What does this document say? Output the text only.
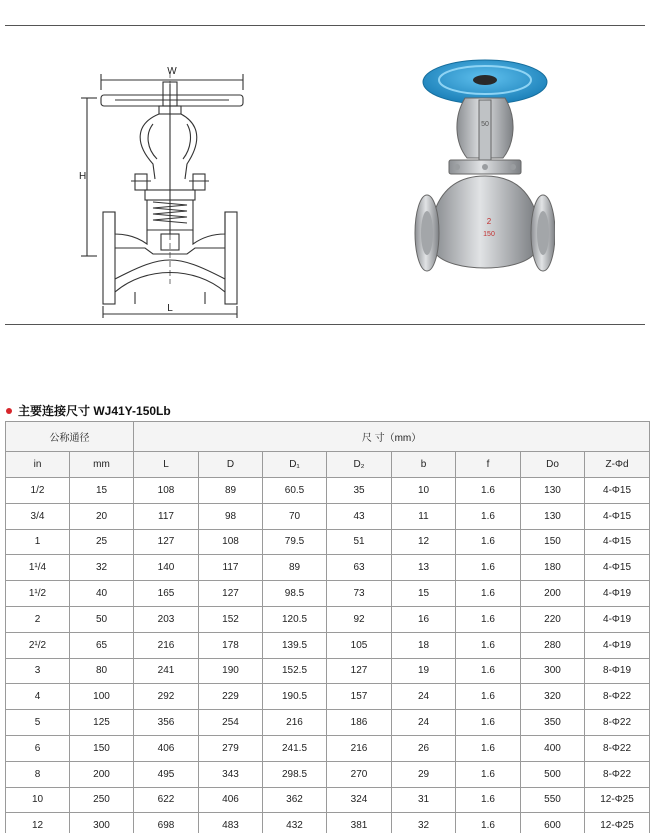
W
H
L
50
2
150
主要连接尺寸 WJ41Y-150Lb
公称通径		尺 寸（mm）							
in	mm	L	D	D₁	D₂	b	f	Do	Z-Φd
1/2	15	108	89	60.5	35	10	1.6	130	4-Φ15
3/4	20	117	98	70	43	11	1.6	130	4-Φ15
1	25	127	108	79.5	51	12	1.6	150	4-Φ15
1¹/4	32	140	117	89	63	13	1.6	180	4-Φ15
1¹/2	40	165	127	98.5	73	15	1.6	200	4-Φ19
2	50	203	152	120.5	92	16	1.6	220	4-Φ19
2¹/2	65	216	178	139.5	105	18	1.6	280	4-Φ19
3	80	241	190	152.5	127	19	1.6	300	8-Φ19
4	100	292	229	190.5	157	24	1.6	320	8-Φ22
5	125	356	254	216	186	24	1.6	350	8-Φ22
6	150	406	279	241.5	216	26	1.6	400	8-Φ22
8	200	495	343	298.5	270	29	1.6	500	8-Φ22
10	250	622	406	362	324	31	1.6	550	12-Φ25
12	300	698	483	432	381	32	1.6	600	12-Φ25
